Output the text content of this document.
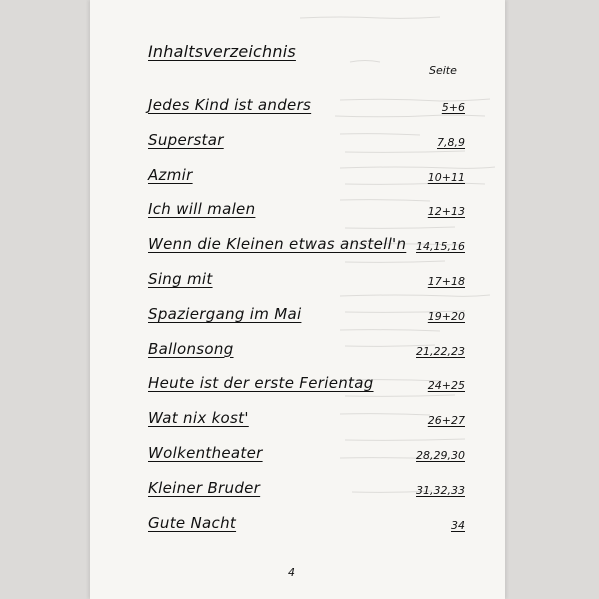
Inhaltsverzeichnis
Seite
Jedes Kind ist anders	5+6
Superstar	7,8,9
Azmir	10+11
Ich will malen	12+13
Wenn die Kleinen etwas anstell'n 14,15,16
Sing mit	17+18
Spaziergang im Mai	19+20
Ballonsong	21,22,23
Heute ist der erste Ferientag	24+25
Wat nix kost'	26+27
Wolkentheater	28,29,30
Kleiner Bruder	31,32,33
Gute Nacht	34
4
